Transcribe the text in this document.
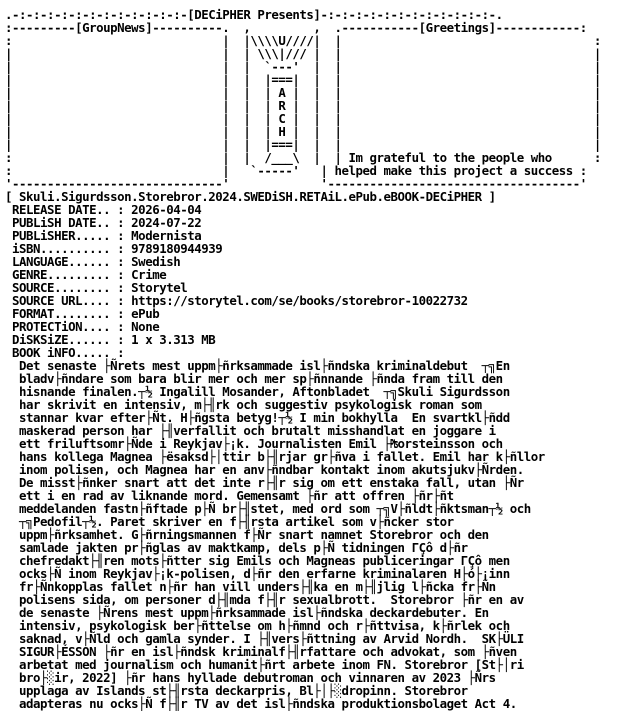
.-:-:-:-:-:-:-:-:-:-:-:-:-[DECiPHER Presents]-:-:-:-:-:-:-:-:-:-:-:-:-.
:---------[GroupNews]----------.  ,         ,  .-----------[Greetings]------------:
:                              |  |\\\\U////|  |                                    :
|                              |  | \\\|/// |  |                                    |
|                              |  |  `---'  |  |                                    |
|                              |  |  |===|  |  |                                    |
|                              |  |  | A |  |  |                                    |
|                              |  |  | R |  |  |                                    |
|                              |  |  | C |  |  |                                    |
|                              |  |  | H |  |  |                                    |
|                              |  |  |===|  |  |                                    |
:                              |  |  /___\  |  | Im grateful to the people who      :
:                              |   `-----'   | helped make this project a success :
'------------------------------'             '------------------------------------'
[ Skuli.Sigurdsson.Storebror.2024.SWEDiSH.RETAiL.ePub.eBOOK-DECiPHER ]
RELEASE DATE.. : 2026-04-04
PUBLiSH DATE.. : 2024-07-22
PUBLiSHER..... : Modernista
iSBN.......... : 9789180944939
LANGUAGE...... : Swedish
GENRE......... : Crime
SOURCE........ : Storytel
SOURCE URL.... : https://storytel.com/se/books/storebror-10022732
FORMAT........ : ePub
PROTECTiON.... : None
DiSKSiZE...... : 1 x 3.313 MB
BOOK iNFO..... :
Det senaste ├Ñrets mest uppm├ñrksammade isl├ñndska kriminaldebut  ┬╗En
bladv├ñndare som bara blir mer och mer sp├ñnnande ├ñnda fram till den
hisnande finalen.┬½ Ingalill Mosander, Aftonbladet  ┬╗Skuli Sigurdsson
har skrivit en intensiv, m├╢rk och suggestiv psykologisk roman som
stannar kvar efter├Ñt. H├ñgsta betyg!┬½ I min bokhylla  En svartkl├ñdd
maskerad person har ├╢verfallit och brutalt misshandlat en joggare i
ett friluftsomr├Ñde i Reykjav├¡k. Journalisten Emil ├₧orsteinsson och
hans kollega Magnea ├ësaksd├│ttir b├╢rjar gr├ñva i fallet. Emil har k├ñllor
inom polisen, och Magnea har en anv├ñndbar kontakt inom akutsjukv├Ñrden.
De misst├ñnker snart att det inte r├╢r sig om ett enstaka fall, utan ├Ñr
ett i en rad av liknande mord. Gemensamt ├ñr att offren ├ñr├ñt
meddelanden fastn├ñftade p├Ñ br├╢stet, med ord som ┬╗V├ñldt├ñktsman┬½ och
┬╗Pedofil┬½. Paret skriver en f├╢rsta artikel som v├ñcker stor
uppm├ñrksamhet. G├ñrningsmannen f├Ñr snart namnet Storebror och den
samlade jakten pr├ñglas av maktkamp, dels p├Ñ tidningen ΓÇô d├ñr
chefredakt├╢ren mots├ñtter sig Emils och Magneas publiceringar ΓÇô men
ocks├Ñ inom Reykjav├¡k-polisen, d├ñr den erfarne kriminalaren H├ó├¡inn
fr├Ñnkopplas fallet n├ñr han vill unders├╢ka en m├╢jlig l├ñcka fr├Ñn
polisens sida, om personer d├╢mda f├╢r sexualbrott.  Storebror ├ñr en av
de senaste ├Ñrens mest uppm├ñrksammade isl├ñndska deckardebuter. En
intensiv, psykologisk ber├ñttelse om h├ñmnd och r├ñttvisa, k├ñrlek och
saknad, v├Ñld och gamla synder. I ├╢vers├ñttning av Arvid Nordh.  SK├ÜLI
SIGUR├ÉSSON ├ñr en isl├ñndsk kriminalf├╢rfattare och advokat, som ├ñven
arbetat med journalism och humanit├ñrt arbete inom FN. Storebror [St├│ri
bro├░ir, 2022] ├ñr hans hyllade debutroman och vinnaren av 2023 ├Ñrs
upplaga av Islands st├╢rsta deckarpris, Bl├│├░dropinn. Storebror
adapteras nu ocks├Ñ f├╢r TV av det isl├ñndska produktionsbolaget Act 4.
